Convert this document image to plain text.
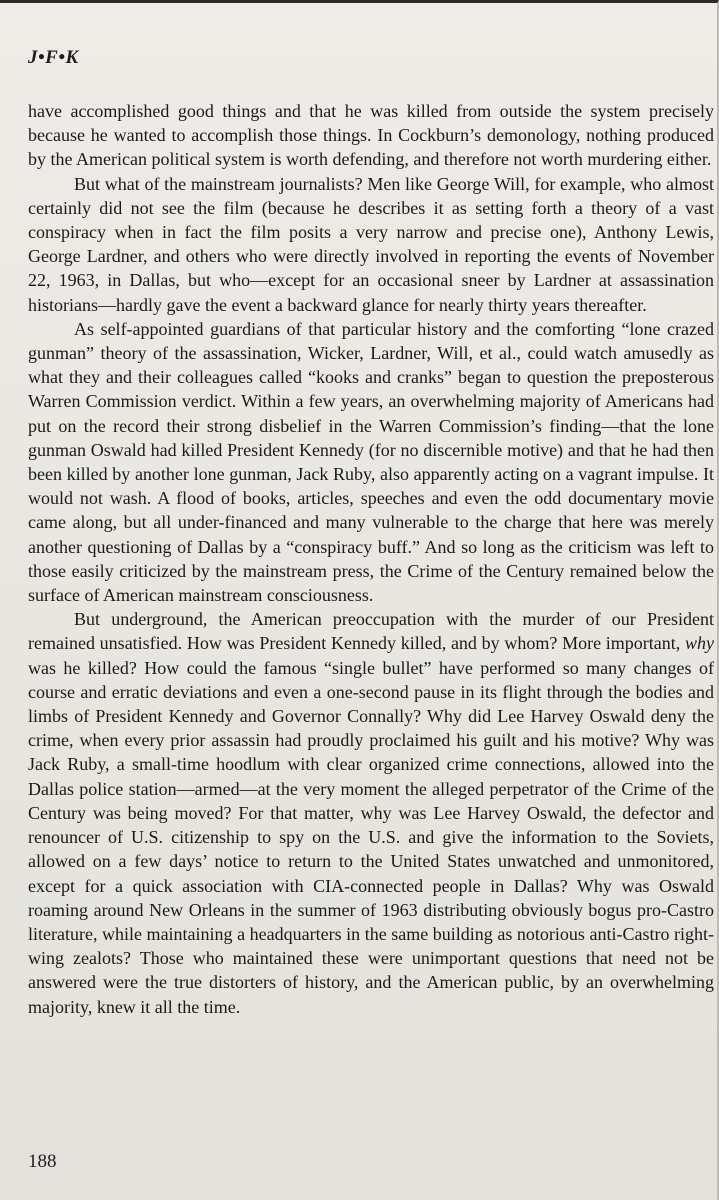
J•F•K

have accomplished good things and that he was killed from outside the system precisely because he wanted to accomplish those things. In Cockburn’s demonology, nothing produced by the American political system is worth defending, and therefore not worth murdering either.

But what of the mainstream journalists? Men like George Will, for example, who almost certainly did not see the film (because he describes it as setting forth a theory of a vast conspiracy when in fact the film posits a very narrow and precise one), Anthony Lewis, George Lardner, and others who were directly involved in reporting the events of November 22, 1963, in Dallas, but who—except for an occasional sneer by Lardner at assassination historians—hardly gave the event a backward glance for nearly thirty years thereafter.

As self-appointed guardians of that particular history and the comforting “lone crazed gunman” theory of the assassination, Wicker, Lardner, Will, et al., could watch amusedly as what they and their colleagues called “kooks and cranks” began to question the preposterous Warren Commission verdict. Within a few years, an overwhelming majority of Americans had put on the record their strong disbelief in the Warren Commission’s finding—that the lone gunman Oswald had killed President Kennedy (for no discernible motive) and that he had then been killed by another lone gunman, Jack Ruby, also apparently acting on a vagrant impulse. It would not wash. A flood of books, articles, speeches and even the odd documentary movie came along, but all under-financed and many vulnerable to the charge that here was merely another questioning of Dallas by a “conspiracy buff.” And so long as the criticism was left to those easily criticized by the mainstream press, the Crime of the Century remained below the surface of American mainstream consciousness.

But underground, the American preoccupation with the murder of our President remained unsatisfied. How was President Kennedy killed, and by whom? More important, why was he killed? How could the famous “single bullet” have performed so many changes of course and erratic deviations and even a one-second pause in its flight through the bodies and limbs of President Kennedy and Governor Connally? Why did Lee Harvey Oswald deny the crime, when every prior assassin had proudly proclaimed his guilt and his motive? Why was Jack Ruby, a small-time hoodlum with clear organized crime connections, allowed into the Dallas police station—armed—at the very moment the alleged perpetrator of the Crime of the Century was being moved? For that matter, why was Lee Harvey Oswald, the defector and renouncer of U.S. citizenship to spy on the U.S. and give the information to the Soviets, allowed on a few days’ notice to return to the United States unwatched and unmonitored, except for a quick association with CIA-connected people in Dallas? Why was Oswald roaming around New Orleans in the summer of 1963 distributing obviously bogus pro-Castro literature, while maintaining a headquarters in the same building as notorious anti-Castro rightwing zealots? Those who maintained these were unimportant questions that need not be answered were the true distorters of history, and the American public, by an overwhelming majority, knew it all the time.

188
